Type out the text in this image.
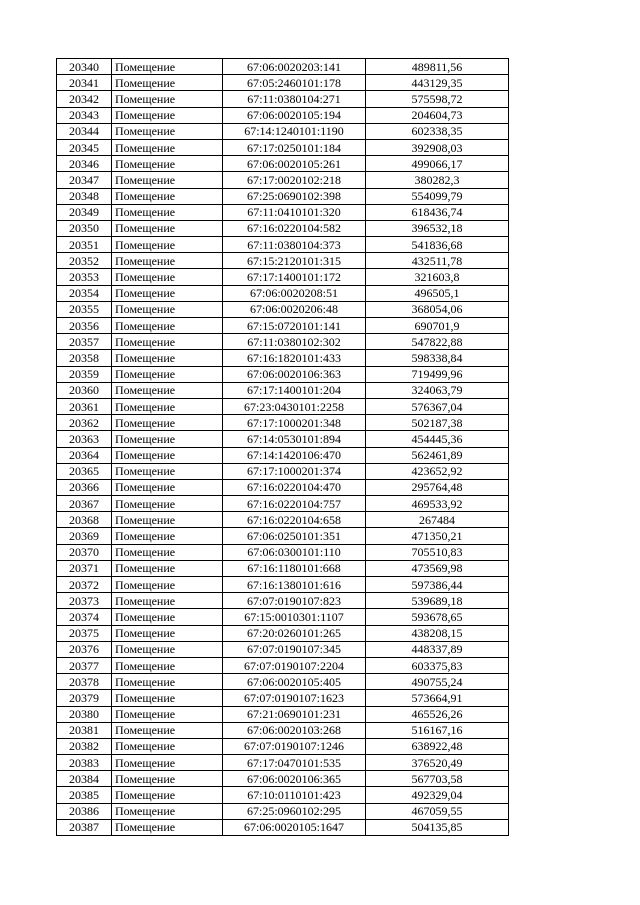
20340	Помещение	67:06:0020203:141	489811,56
20341	Помещение	67:05:2460101:178	443129,35
20342	Помещение	67:11:0380104:271	575598,72
20343	Помещение	67:06:0020105:194	204604,73
20344	Помещение	67:14:1240101:1190	602338,35
20345	Помещение	67:17:0250101:184	392908,03
20346	Помещение	67:06:0020105:261	499066,17
20347	Помещение	67:17:0020102:218	380282,3
20348	Помещение	67:25:0690102:398	554099,79
20349	Помещение	67:11:0410101:320	618436,74
20350	Помещение	67:16:0220104:582	396532,18
20351	Помещение	67:11:0380104:373	541836,68
20352	Помещение	67:15:2120101:315	432511,78
20353	Помещение	67:17:1400101:172	321603,8
20354	Помещение	67:06:0020208:51	496505,1
20355	Помещение	67:06:0020206:48	368054,06
20356	Помещение	67:15:0720101:141	690701,9
20357	Помещение	67:11:0380102:302	547822,88
20358	Помещение	67:16:1820101:433	598338,84
20359	Помещение	67:06:0020106:363	719499,96
20360	Помещение	67:17:1400101:204	324063,79
20361	Помещение	67:23:0430101:2258	576367,04
20362	Помещение	67:17:1000201:348	502187,38
20363	Помещение	67:14:0530101:894	454445,36
20364	Помещение	67:14:1420106:470	562461,89
20365	Помещение	67:17:1000201:374	423652,92
20366	Помещение	67:16:0220104:470	295764,48
20367	Помещение	67:16:0220104:757	469533,92
20368	Помещение	67:16:0220104:658	267484
20369	Помещение	67:06:0250101:351	471350,21
20370	Помещение	67:06:0300101:110	705510,83
20371	Помещение	67:16:1180101:668	473569,98
20372	Помещение	67:16:1380101:616	597386,44
20373	Помещение	67:07:0190107:823	539689,18
20374	Помещение	67:15:0010301:1107	593678,65
20375	Помещение	67:20:0260101:265	438208,15
20376	Помещение	67:07:0190107:345	448337,89
20377	Помещение	67:07:0190107:2204	603375,83
20378	Помещение	67:06:0020105:405	490755,24
20379	Помещение	67:07:0190107:1623	573664,91
20380	Помещение	67:21:0690101:231	465526,26
20381	Помещение	67:06:0020103:268	516167,16
20382	Помещение	67:07:0190107:1246	638922,48
20383	Помещение	67:17:0470101:535	376520,49
20384	Помещение	67:06:0020106:365	567703,58
20385	Помещение	67:10:0110101:423	492329,04
20386	Помещение	67:25:0960102:295	467059,55
20387	Помещение	67:06:0020105:1647	504135,85
